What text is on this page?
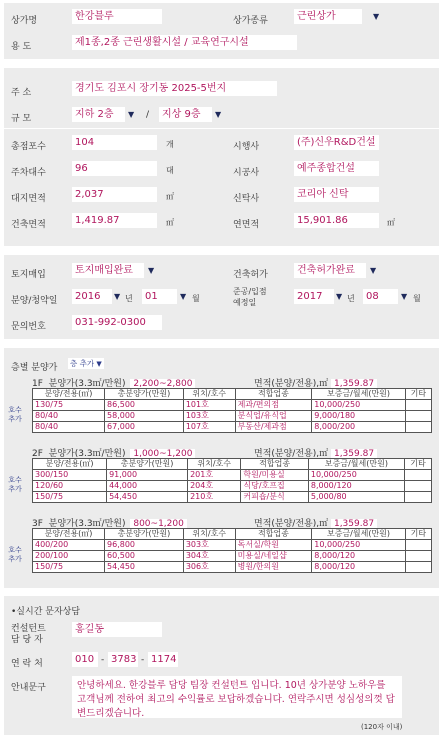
상가명	한강블루	상가종류	근린상가	▼
용 도	제1종,2종 근린생활시설 / 교육연구시설
주 소	경기도 김포시 장기동 2025-5번지
규 모	지하 2층	▼ /	지상 9층	▼
총점포수	104	개	시행사	(주)신우R&D건설
주차대수	96	대	시공사	예주종합건설
대지면적	2,037	㎡	신탁사	코리아 신탁
건축면적	1,419.87	㎡	연면적	15,901.86	㎡
토지매입	토지매입완료	▼	건축허가	건축허가완료	▼
분양/청약일	2016	▼ 년	01	▼ 월
준공/입점
예정일
2017	▼ 년	08	▼ 월
문의번호	031-992-0300
층별 분양가 층 추가 ▼
1F 분양가(3.3㎡/만원) 2,200~2,800	면적(분양/전용),㎡ 1,359.87
호수
추가
분양/전용(㎡)	총분양가(만원)	위치/호수	적합업종	보증금/월세(만원)	기타
130/75	86,500	101호	제과/편의점	10,000/250	
80/40	58,000	103호	분식업/유식업	9,000/180	
80/40	67,000	107호	부동산/제과점	8,000/200	
2F 분양가(3.3㎡/만원) 1,000~1,200	면적(분양/전용),㎡ 1,359.87
호수
추가
분양/전용(㎡)	총분양가(만원)	위치/호수	적합업종	보증금/월세(만원)	기타
300/150	91,000	201호	학원/미용실	10,000/250	
120/60	44,000	204호	식당/호프집	8,000/120	
150/75	54,450	210호	커피숍/분식	5,000/80	
3F 분양가(3.3㎡/만원) 800~1,200	면적(분양/전용),㎡ 1,359.87
호수
추가
분양/전용(㎡)	총분양가(만원)	위치/호수	적합업종	보증금/월세(만원)	기타
400/200	96,800	303호	독서실/학원	10,000/250	
200/100	60,500	304호	미용실/네일샵	8,000/120	
150/75	54,450	306호	병원/한의원	8,000/120	
•실시간 문자상담
컨설턴트
담 당 자
홍길동
연 락 처	010 - 3783 - 1174
안내문구	안녕하세요. 한강블루 담당 팀장 컨설턴트 입니다. 10년 상가분양 노하우를 고객님께 전하여 최고의 수익률로 보답하겠습니다. 연락주시면 성심성의껏 답변드리겠습니다.
(120자 이내)
